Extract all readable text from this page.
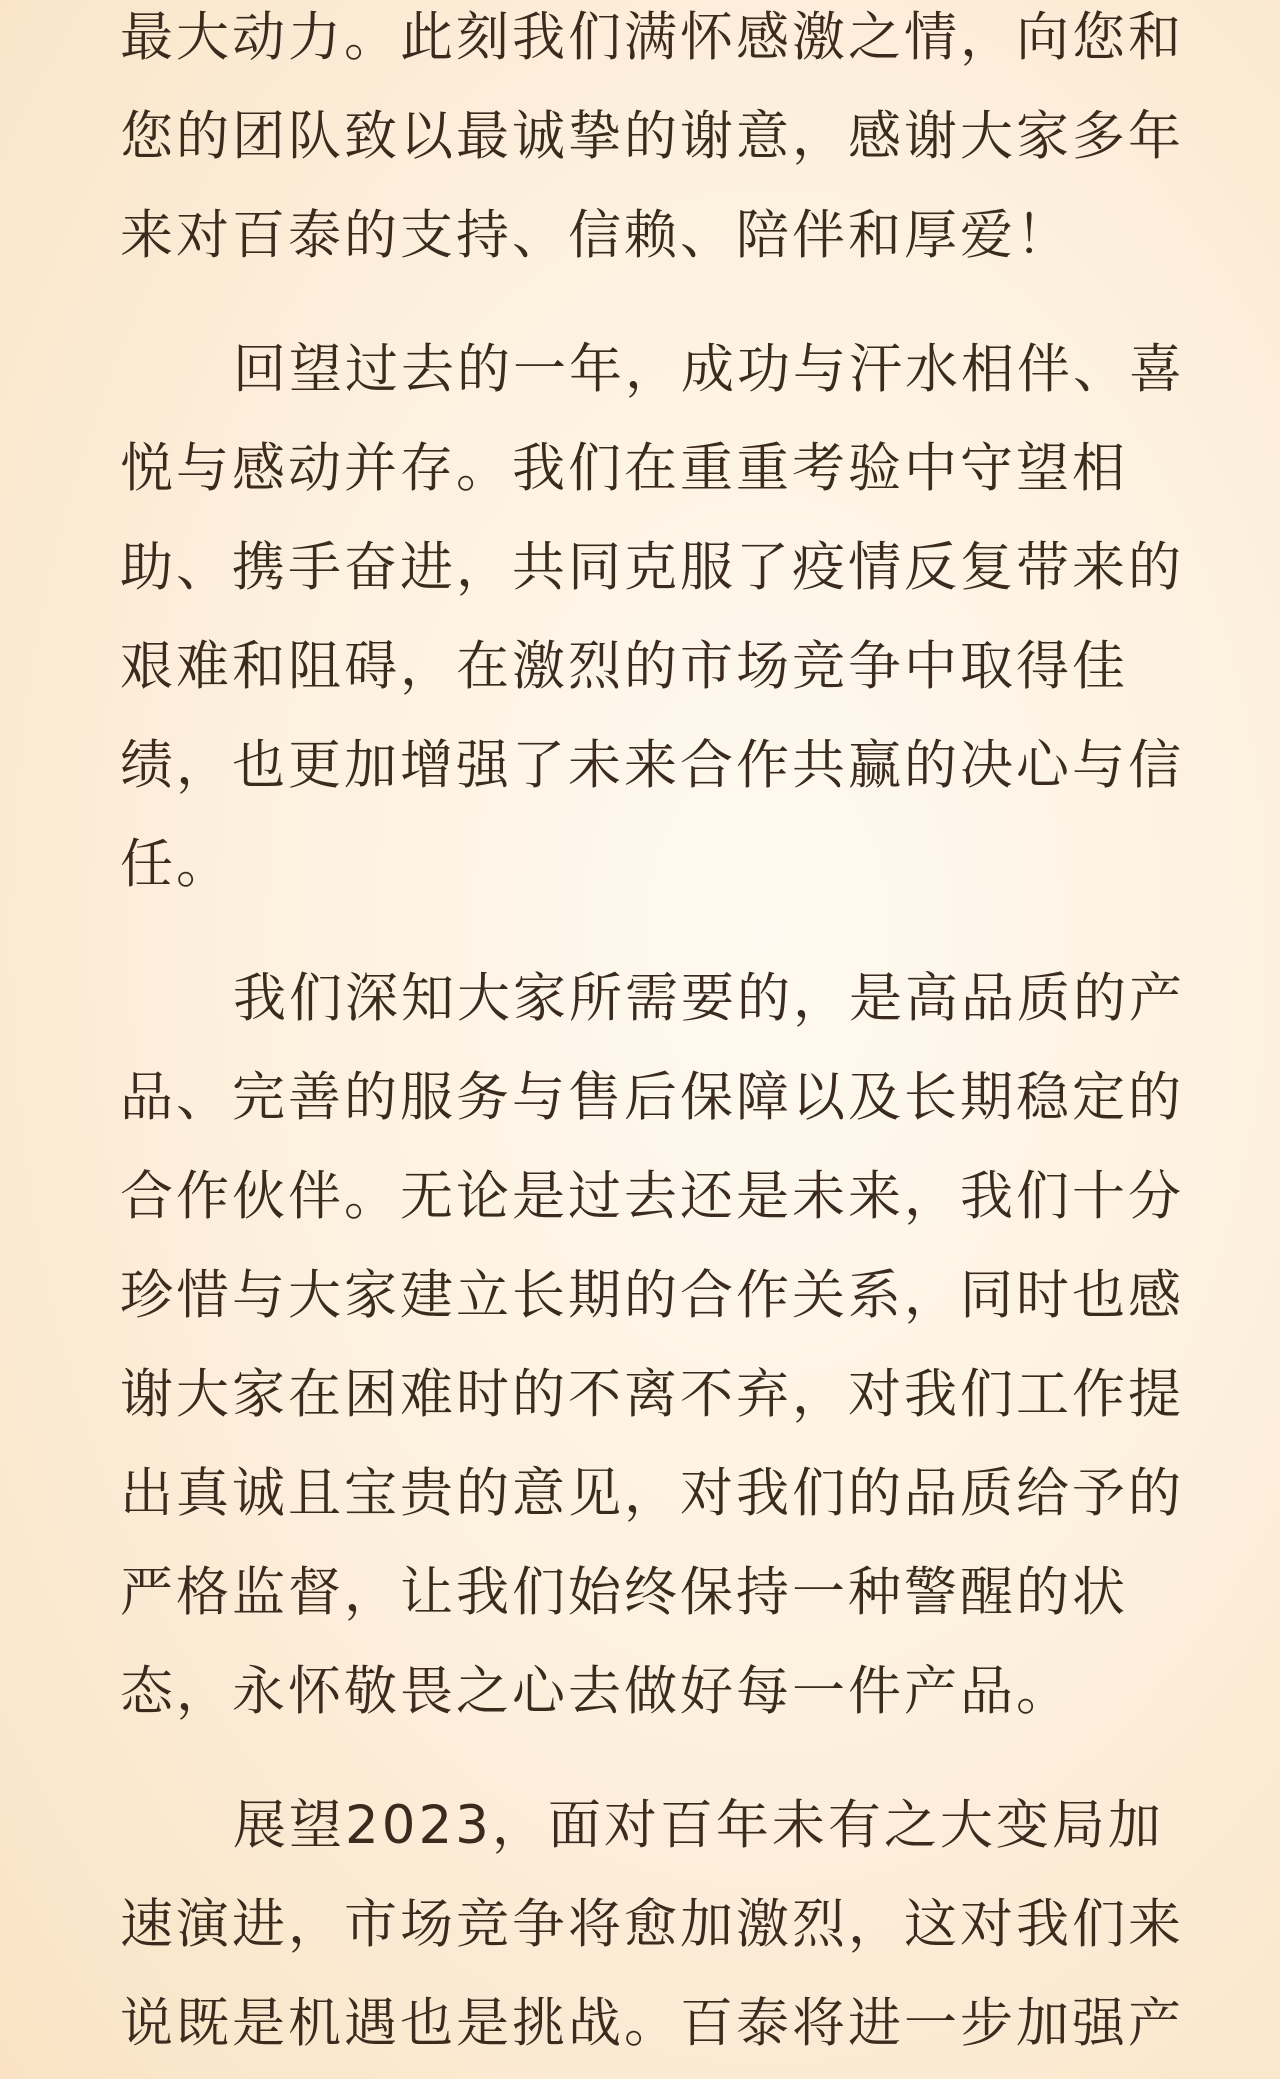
最大动力。此刻我们满怀感激之情，向您和
您的团队致以最诚挚的谢意，感谢大家多年
来对百泰的支持、信赖、陪伴和厚爱！
回望过去的一年，成功与汗水相伴、喜
悦与感动并存。我们在重重考验中守望相
助、携手奋进，共同克服了疫情反复带来的
艰难和阻碍，在激烈的市场竞争中取得佳
绩，也更加增强了未来合作共赢的决心与信
任。
我们深知大家所需要的，是高品质的产
品、完善的服务与售后保障以及长期稳定的
合作伙伴。无论是过去还是未来，我们十分
珍惜与大家建立长期的合作关系，同时也感
谢大家在困难时的不离不弃，对我们工作提
出真诚且宝贵的意见，对我们的品质给予的
严格监督，让我们始终保持一种警醒的状
态，永怀敬畏之心去做好每一件产品。
展望2023，面对百年未有之大变局加
速演进，市场竞争将愈加激烈，这对我们来
说既是机遇也是挑战。百泰将进一步加强产
